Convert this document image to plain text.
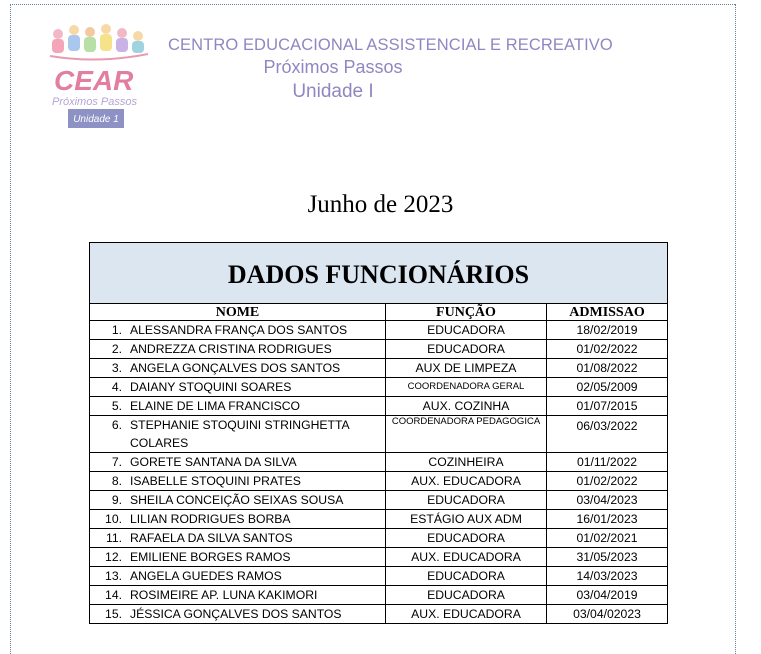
CEAR
Próximos Passos
Unidade 1
CENTRO EDUCACIONAL ASSISTENCIAL E RECREATIVO
Próximos Passos
Unidade I
Junho de 2023
DADOS FUNCIONÁRIOS		
NOME	FUNÇÃO	ADMISSAO

1. ALESSANDRA FRANÇA DOS SANTOS	EDUCADORA	18/02/2019

2. ANDREZZA CRISTINA RODRIGUES	EDUCADORA	01/02/2022

3. ANGELA GONÇALVES DOS SANTOS	AUX DE LIMPEZA	01/08/2022

4. DAIANY STOQUINI SOARES	COORDENADORA GERAL	02/05/2009

5. ELAINE DE LIMA FRANCISCO	AUX. COZINHA	01/07/2015

6. STEPHANIE STOQUINI STRINGHETTA COLARES	COORDENADORA PEDAGOGICA	06/03/2022

7. GORETE SANTANA DA SILVA	COZINHEIRA	01/11/2022

8. ISABELLE STOQUINI PRATES	AUX. EDUCADORA	01/02/2022

9. SHEILA CONCEIÇÃO SEIXAS SOUSA	EDUCADORA	03/04/2023

10. LILIAN RODRIGUES BORBA	ESTÁGIO AUX ADM	16/01/2023

11. RAFAELA DA SILVA SANTOS	EDUCADORA	01/02/2021

12. EMILIENE BORGES RAMOS	AUX. EDUCADORA	31/05/2023

13. ANGELA GUEDES RAMOS	EDUCADORA	14/03/2023

14. ROSIMEIRE AP. LUNA KAKIMORI	EDUCADORA	03/04/2019

15. JÉSSICA GONÇALVES DOS SANTOS	AUX. EDUCADORA	03/04/02023
